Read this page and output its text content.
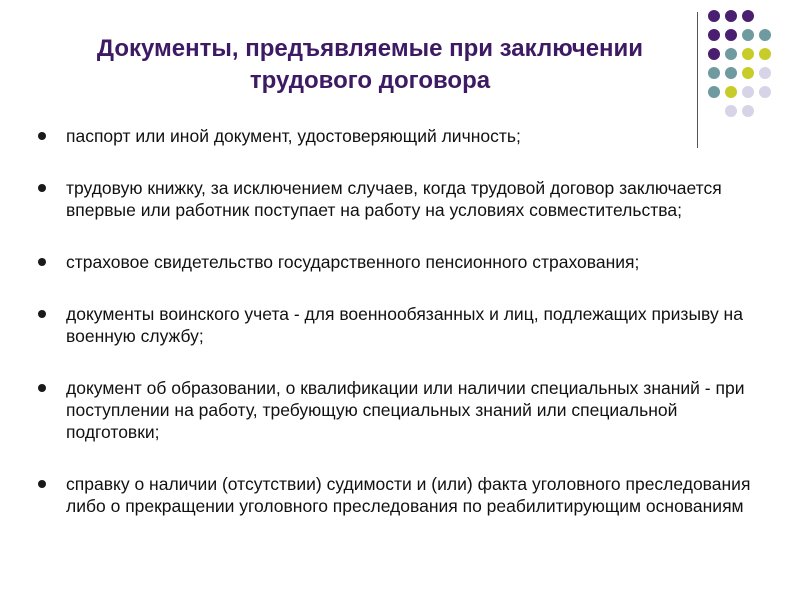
Документы, предъявляемые при заключении
трудового договора
паспорт или иной документ, удостоверяющий личность;
трудовую книжку, за исключением случаев, когда трудовой договор заключается впервые или работник поступает на работу на условиях совместительства;
страховое свидетельство государственного пенсионного страхования;
документы воинского учета - для военнообязанных и лиц, подлежащих призыву на военную службу;
документ об образовании, о квалификации или наличии специальных знаний - при поступлении на работу, требующую специальных знаний или специальной подготовки;
справку о наличии (отсутствии) судимости и (или) факта уголовного преследования либо о прекращении уголовного преследования по реабилитирующим основаниям
